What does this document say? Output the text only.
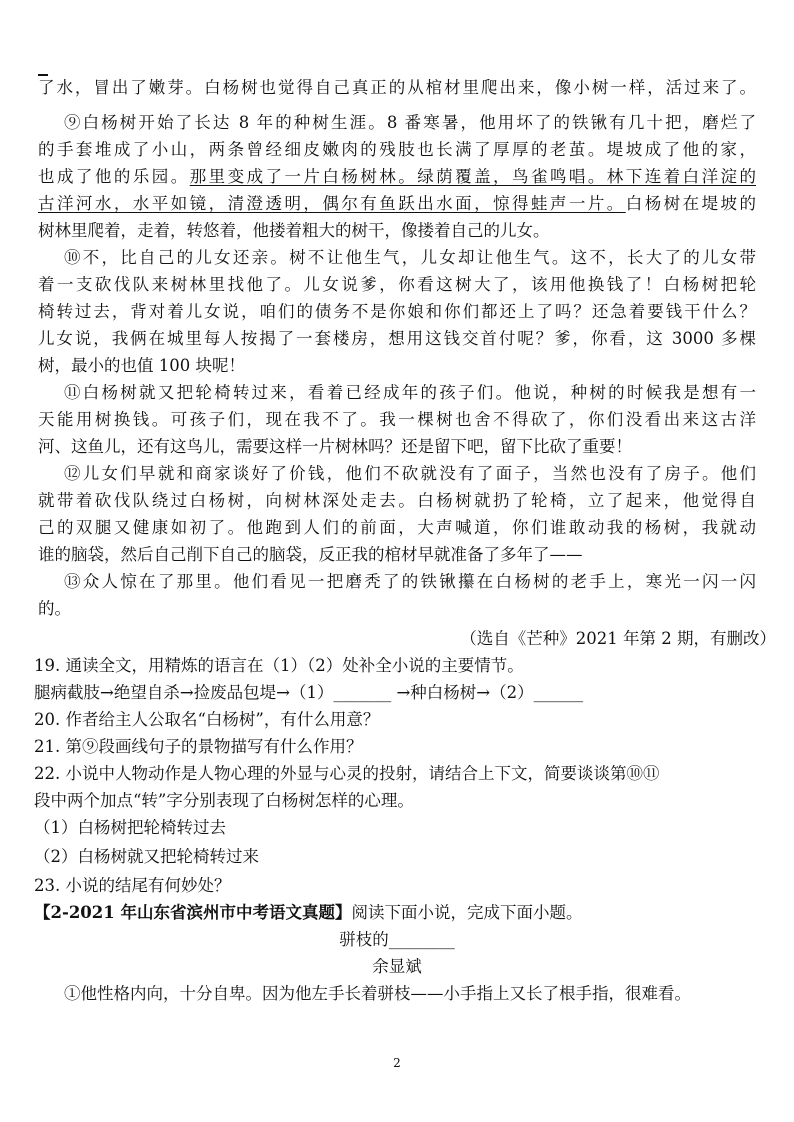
了水，冒出了嫩芽。白杨树也觉得自己真正的从棺材里爬出来，像小树一样，活过来了。
⑨白杨树开始了长达 8 年的种树生涯。8 番寒暑，他用坏了的铁锹有几十把，磨烂了
的手套堆成了小山，两条曾经细皮嫩肉的残肢也长满了厚厚的老茧。堤坡成了他的家，
也成了他的乐园。那里变成了一片白杨树林。绿荫覆盖，鸟雀鸣唱。林下连着白洋淀的
古洋河水，水平如镜，清澄透明，偶尔有鱼跃出水面，惊得蛙声一片。白杨树在堤坡的
树林里爬着，走着，转悠着，他搂着粗大的树干，像搂着自己的儿女。
⑩不，比自己的儿女还亲。树不让他生气，儿女却让他生气。这不，长大了的儿女带
着一支砍伐队来树林里找他了。儿女说爹，你看这树大了，该用他换钱了！白杨树把轮
椅转过去，背对着儿女说，咱们的债务不是你娘和你们都还上了吗？还急着要钱干什么？
儿女说，我俩在城里每人按揭了一套楼房，想用这钱交首付呢？爹，你看，这 3000 多棵
树，最小的也值 100 块呢！
⑪白杨树就又把轮椅转过来，看着已经成年的孩子们。他说，种树的时候我是想有一
天能用树换钱。可孩子们，现在我不了。我一棵树也舍不得砍了，你们没看出来这古洋
河、这鱼儿，还有这鸟儿，需要这样一片树林吗？还是留下吧，留下比砍了重要！
⑫儿女们早就和商家谈好了价钱，他们不砍就没有了面子，当然也没有了房子。他们
就带着砍伐队绕过白杨树，向树林深处走去。白杨树就扔了轮椅，立了起来，他觉得自
己的双腿又健康如初了。他跑到人们的前面，大声喊道，你们谁敢动我的杨树，我就动
谁的脑袋，然后自己削下自己的脑袋，反正我的棺材早就准备了多年了——
⑬众人惊在了那里。他们看见一把磨秃了的铁锹攥在白杨树的老手上，寒光一闪一闪
的。
（选自《芒种》2021 年第 2 期，有删改）
19. 通读全文，用精炼的语言在（1）（2）处补全小说的主要情节。
腿病截肢→绝望自杀→捡废品包堤→（1）_______ →种白杨树→（2）______
20. 作者给主人公取名“白杨树”，有什么用意？
21. 第⑨段画线句子的景物描写有什么作用？
22. 小说中人物动作是人物心理的外显与心灵的投射，请结合上下文，简要谈谈第⑩⑪
段中两个加点“转”字分别表现了白杨树怎样的心理。
（1）白杨树把轮椅转过去
（2）白杨树就又把轮椅转过来
23. 小说的结尾有何妙处？
【2-2021 年山东省滨州市中考语文真题】阅读下面小说，完成下面小题。
骈枝的________
余显斌
①他性格内向，十分自卑。因为他左手长着骈枝——小手指上又长了根手指，很难看。
2
